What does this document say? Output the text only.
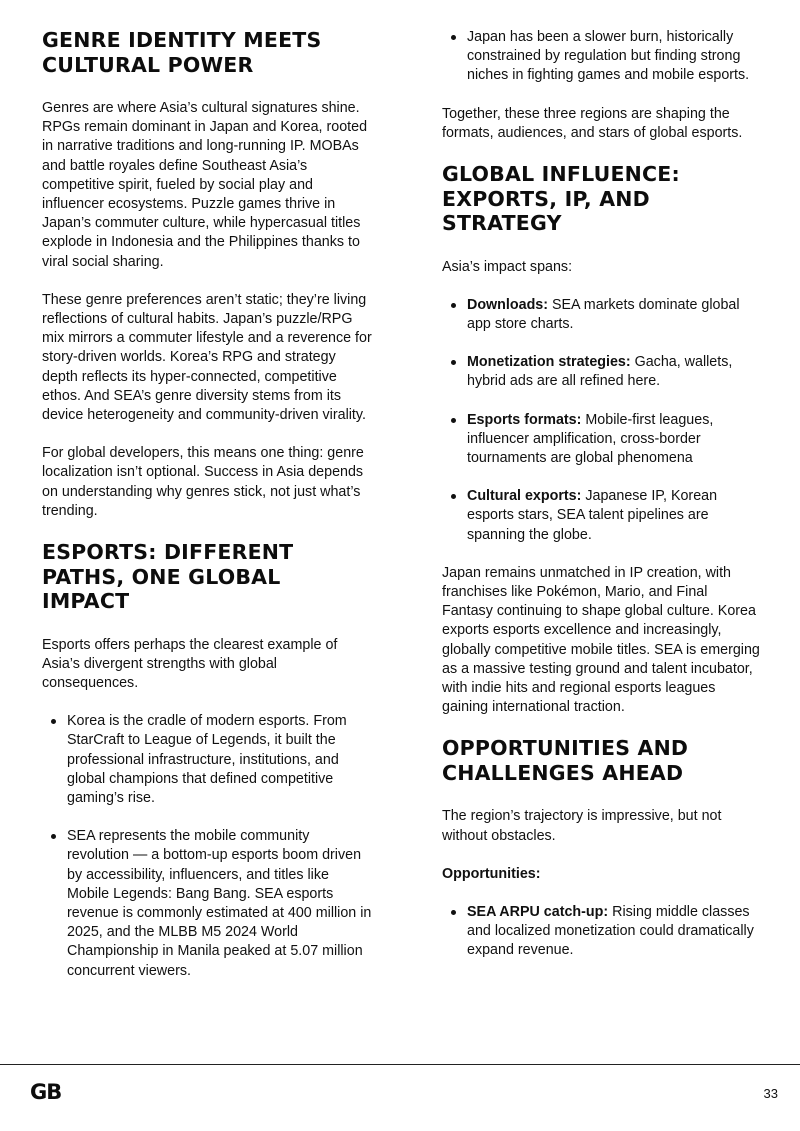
GENRE IDENTITY MEETS CULTURAL POWER

Genres are where Asia’s cultural signatures shine. RPGs remain dominant in Japan and Korea, rooted in narrative traditions and long-running IP. MOBAs and battle royales define Southeast Asia’s competitive spirit, fueled by social play and influencer ecosystems. Puzzle games thrive in Japan’s commuter culture, while hypercasual titles explode in Indonesia and the Philippines thanks to viral social sharing.

These genre preferences aren’t static; they’re living reflections of cultural habits. Japan’s puzzle/RPG mix mirrors a commuter lifestyle and a reverence for story-driven worlds. Korea’s RPG and strategy depth reflects its hyper-connected, competitive ethos. And SEA’s genre diversity stems from its device heterogeneity and community-driven virality.

For global developers, this means one thing: genre localization isn’t optional. Success in Asia depends on understanding why genres stick, not just what’s trending.

ESPORTS: DIFFERENT PATHS, ONE GLOBAL IMPACT

Esports offers perhaps the clearest example of Asia’s divergent strengths with global consequences.

Korea is the cradle of modern esports. From StarCraft to League of Legends, it built the professional infrastructure, institutions, and global champions that defined competitive gaming’s rise.
SEA represents the mobile community revolution — a bottom-up esports boom driven by accessibility, influencers, and titles like Mobile Legends: Bang Bang. SEA esports revenue is commonly estimated at 400 million in 2025, and the MLBB M5 2024 World Championship in Manila peaked at 5.07 million concurrent viewers.
Japan has been a slower burn, historically constrained by regulation but finding strong niches in fighting games and mobile esports.

Together, these three regions are shaping the formats, audiences, and stars of global esports.

GLOBAL INFLUENCE: EXPORTS, IP, AND STRATEGY

Asia’s impact spans:

Downloads: SEA markets dominate global app store charts.
Monetization strategies: Gacha, wallets, hybrid ads are all refined here.
Esports formats: Mobile-first leagues, influencer amplification, cross-border tournaments are global phenomena
Cultural exports: Japanese IP, Korean esports stars, SEA talent pipelines are spanning the globe.

Japan remains unmatched in IP creation, with franchises like Pokémon, Mario, and Final Fantasy continuing to shape global culture. Korea exports esports excellence and increasingly, globally competitive mobile titles. SEA is emerging as a massive testing ground and talent incubator, with indie hits and regional esports leagues gaining international traction.

OPPORTUNITIES AND CHALLENGES AHEAD

The region’s trajectory is impressive, but not without obstacles.

Opportunities:

SEA ARPU catch-up: Rising middle classes and localized monetization could dramatically expand revenue.
GB	33
